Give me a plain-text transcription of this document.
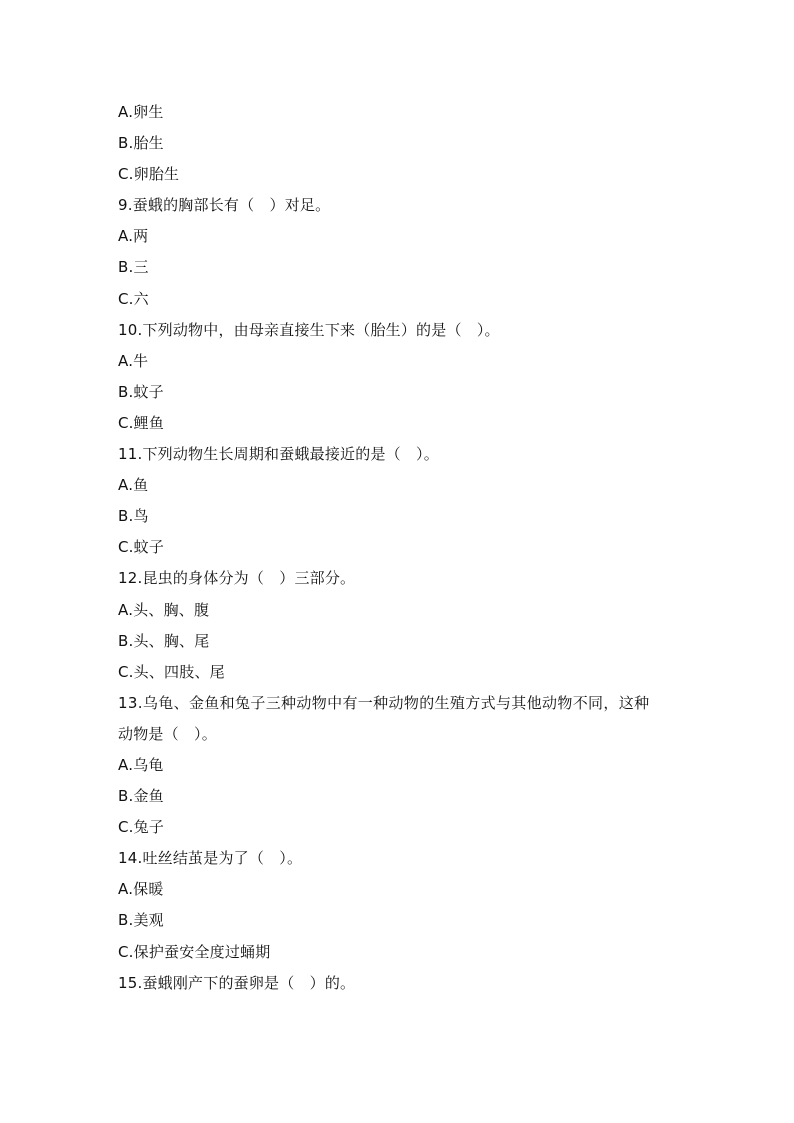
A.卵生
B.胎生
C.卵胎生
9.蚕蛾的胸部长有（　）对足。
A.两
B.三
C.六
10.下列动物中，由母亲直接生下来（胎生）的是（　）。
A.牛
B.蚊子
C.鲤鱼
11.下列动物生长周期和蚕蛾最接近的是（　）。
A.鱼
B.鸟
C.蚊子
12.昆虫的身体分为（　）三部分。
A.头、胸、腹
B.头、胸、尾
C.头、四肢、尾
13.乌龟、金鱼和兔子三种动物中有一种动物的生殖方式与其他动物不同，这种
动物是（　）。
A.乌龟
B.金鱼
C.兔子
14.吐丝结茧是为了（　）。
A.保暖
B.美观
C.保护蚕安全度过蛹期
15.蚕蛾刚产下的蚕卵是（　）的。
